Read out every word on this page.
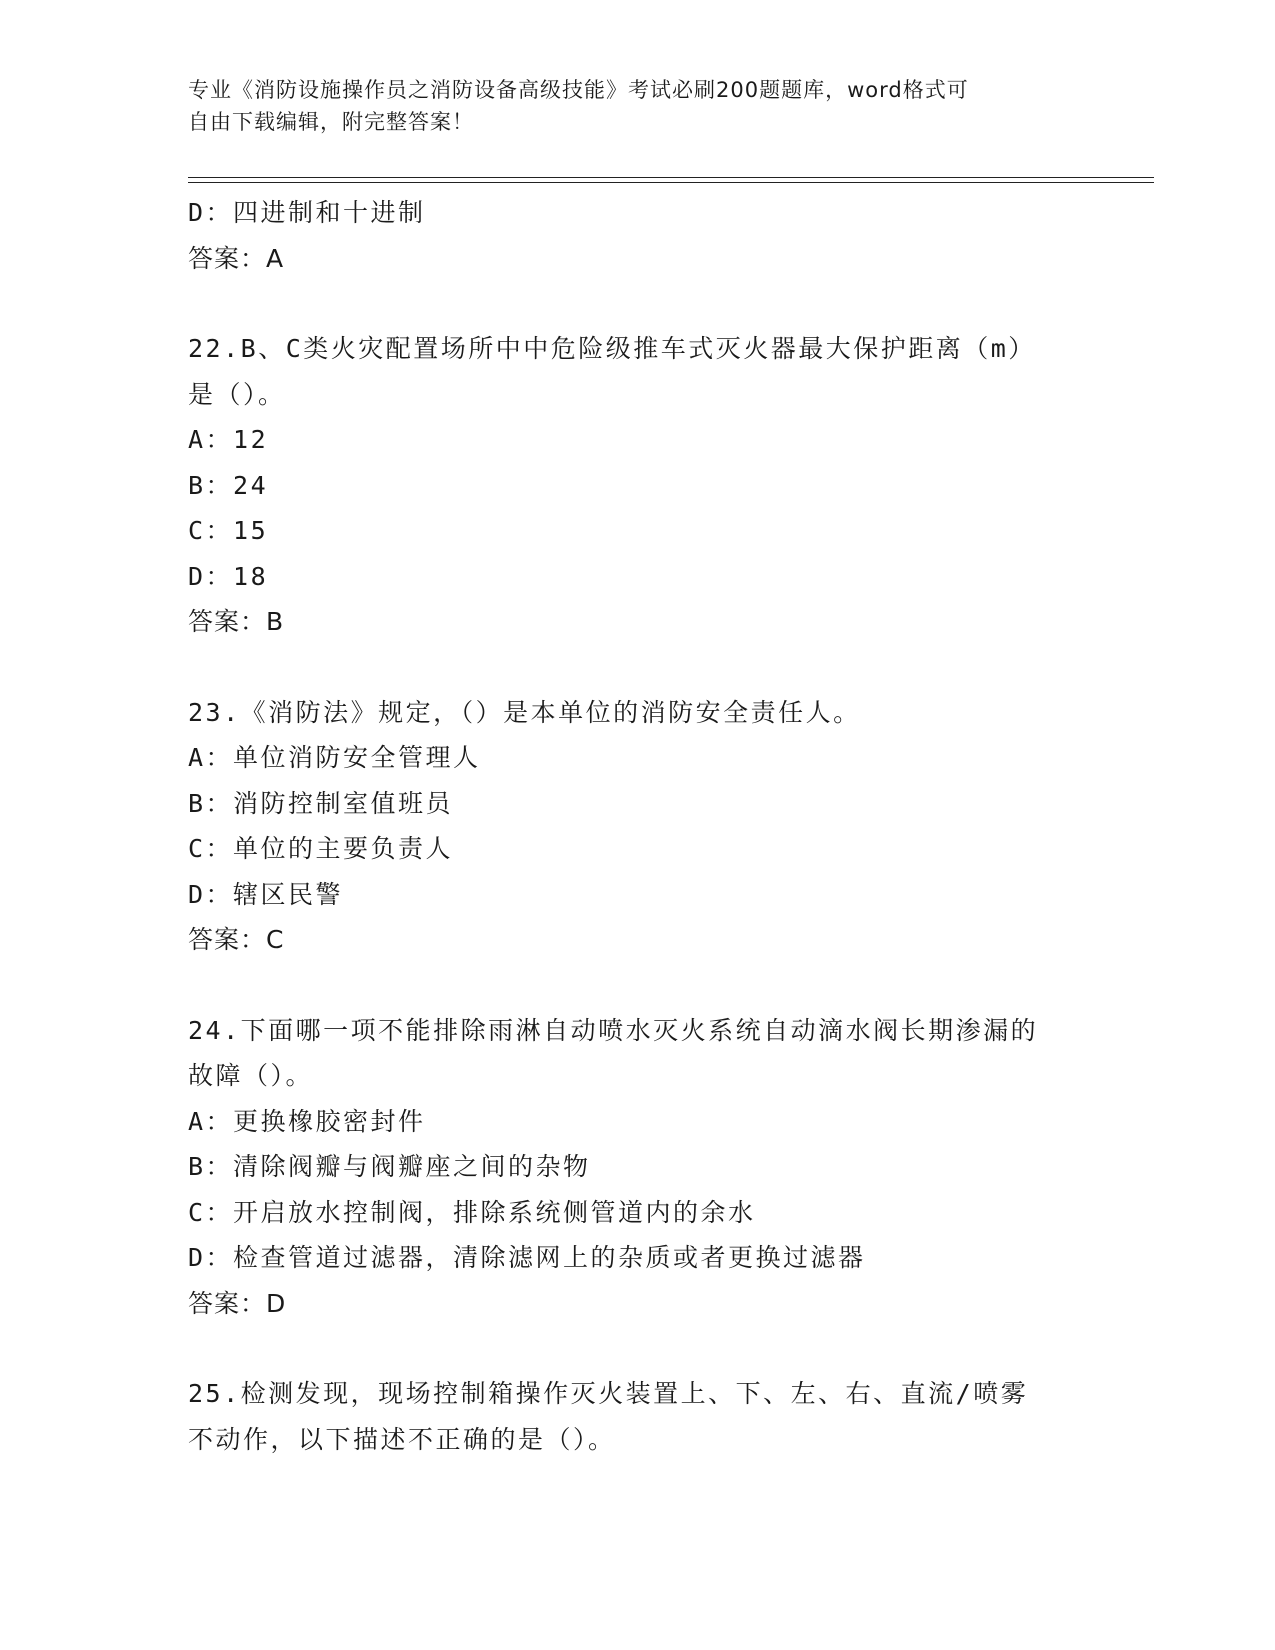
专业《消防设施操作员之消防设备高级技能》考试必刷200题题库，word格式可
自由下载编辑，附完整答案！
D：四进制和十进制
答案：A
22.B、C类火灾配置场所中中危险级推车式灭火器最大保护距离（m）
是（）。
A：12
B：24
C：15
D：18
答案：B
23.《消防法》规定，（）是本单位的消防安全责任人。
A：单位消防安全管理人
B：消防控制室值班员
C：单位的主要负责人
D：辖区民警
答案：C
24.下面哪一项不能排除雨淋自动喷水灭火系统自动滴水阀长期渗漏的
故障（）。
A：更换橡胶密封件
B：清除阀瓣与阀瓣座之间的杂物
C：开启放水控制阀，排除系统侧管道内的余水
D：检查管道过滤器，清除滤网上的杂质或者更换过滤器
答案：D
25.检测发现，现场控制箱操作灭火装置上、下、左、右、直流/喷雾
不动作，以下描述不正确的是（）。
